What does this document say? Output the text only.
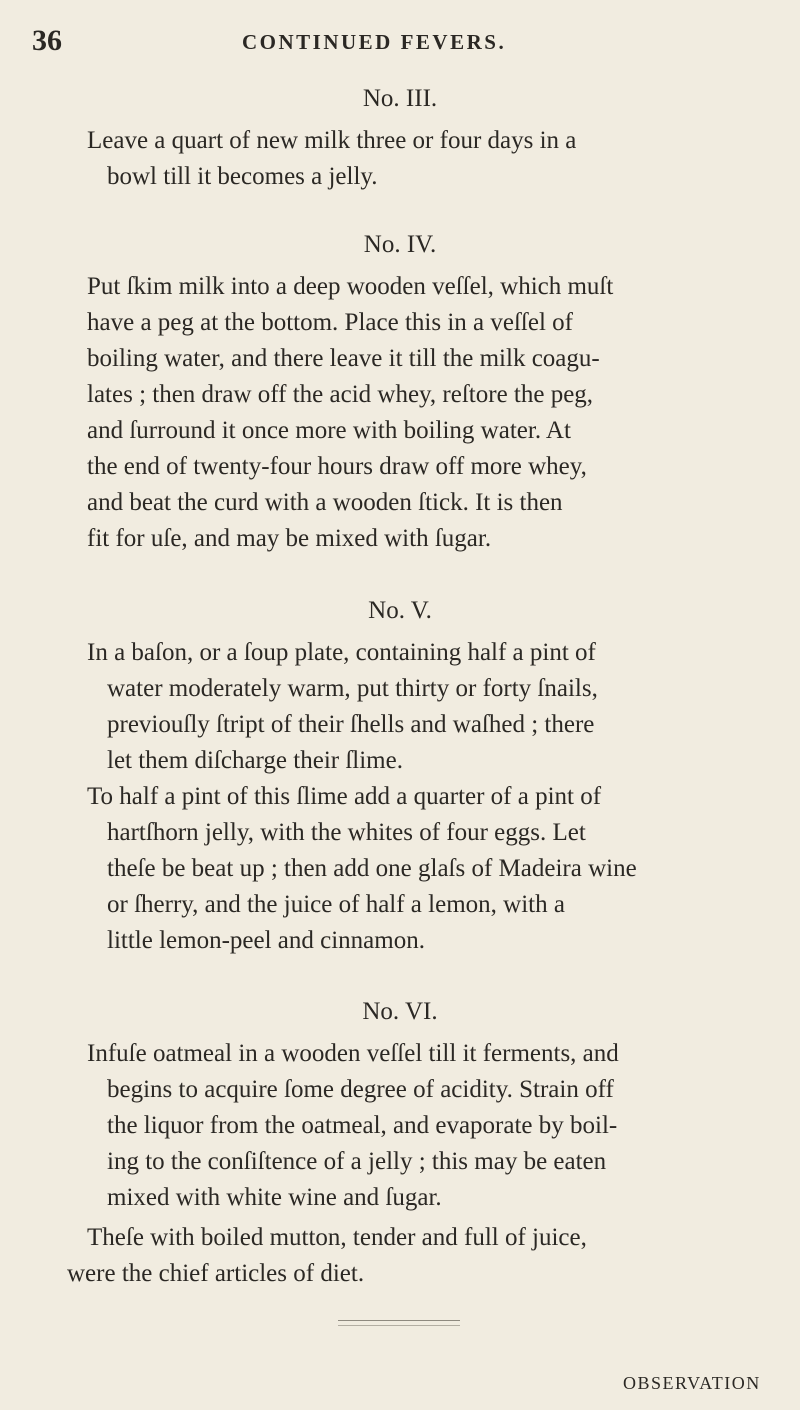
36	CONTINUED FEVERS.
No. III.
Leave a quart of new milk three or four days in a
bowl till it becomes a jelly.
No. IV.
Put ſkim milk into a deep wooden veſſel, which muſt
have a peg at the bottom. Place this in a veſſel of
boiling water, and there leave it till the milk coagu-
lates ; then draw off the acid whey, reſtore the peg,
and ſurround it once more with boiling water. At
the end of twenty-four hours draw off more whey,
and beat the curd with a wooden ſtick. It is then
fit for uſe, and may be mixed with ſugar.
No. V.
In a baſon, or a ſoup plate, containing half a pint of
water moderately warm, put thirty or forty ſnails,
previouſly ſtript of their ſhells and waſhed ; there
let them diſcharge their ſlime.
To half a pint of this ſlime add a quarter of a pint of
hartſhorn jelly, with the whites of four eggs. Let
theſe be beat up ; then add one glaſs of Madeira wine
or ſherry, and the juice of half a lemon, with a
little lemon-peel and cinnamon.
No. VI.
Infuſe oatmeal in a wooden veſſel till it ferments, and
begins to acquire ſome degree of acidity. Strain off
the liquor from the oatmeal, and evaporate by boil-
ing to the conſiſtence of a jelly ; this may be eaten
mixed with white wine and ſugar.
Theſe with boiled mutton, tender and full of juice,
were the chief articles of diet.
OBSERVATION
